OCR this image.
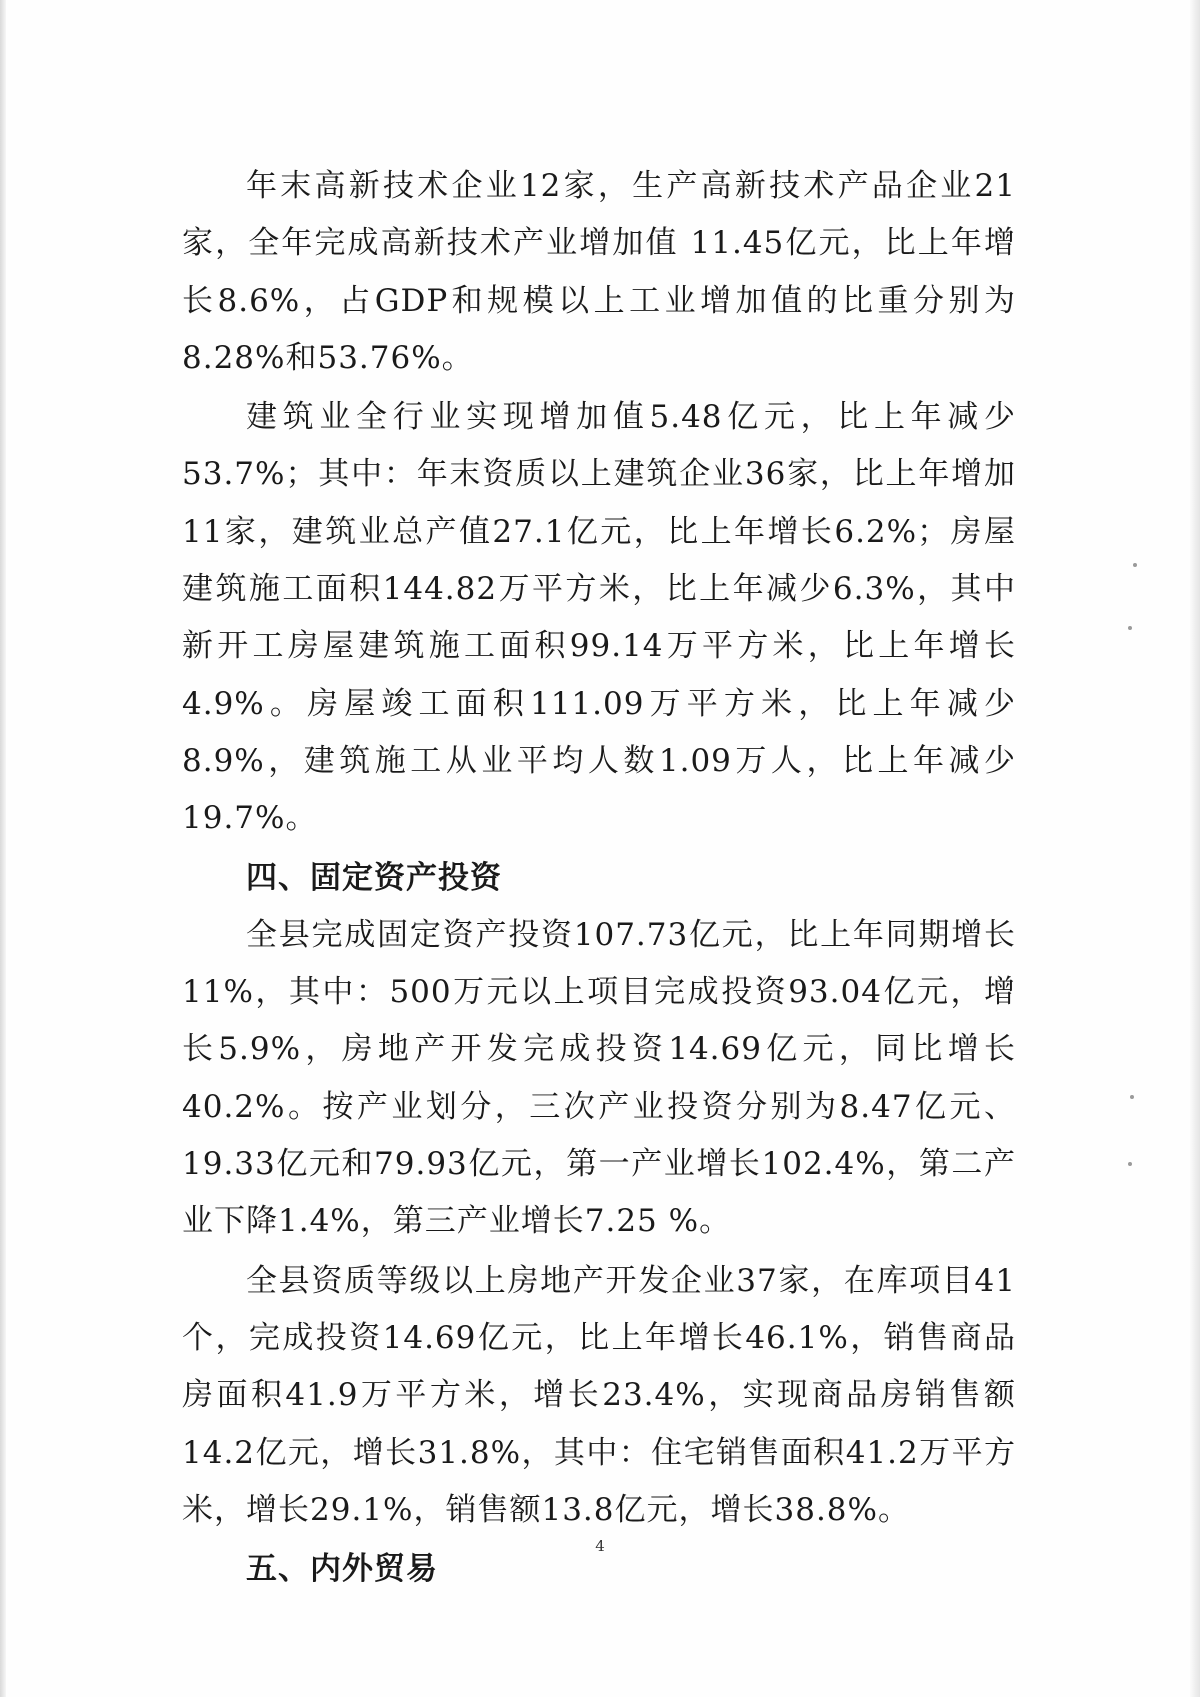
年末高新技术企业12家，生产高新技术产品企业21家，全年完成高新技术产业增加值 11.45亿元，比上年增长8.6%，占GDP和规模以上工业增加值的比重分别为8.28%和53.76%。

建筑业全行业实现增加值5.48亿元，比上年减少53.7%；其中：年末资质以上建筑企业36家，比上年增加11家，建筑业总产值27.1亿元，比上年增长6.2%；房屋建筑施工面积144.82万平方米，比上年减少6.3%，其中新开工房屋建筑施工面积99.14万平方米，比上年增长4.9%。房屋竣工面积111.09万平方米，比上年减少8.9%，建筑施工从业平均人数1.09万人，比上年减少19.7%。

四、固定资产投资

全县完成固定资产投资107.73亿元，比上年同期增长11%，其中：500万元以上项目完成投资93.04亿元，增长5.9%，房地产开发完成投资14.69亿元，同比增长40.2%。按产业划分，三次产业投资分别为8.47亿元、19.33亿元和79.93亿元，第一产业增长102.4%，第二产业下降1.4%，第三产业增长7.25 %。

全县资质等级以上房地产开发企业37家，在库项目41个，完成投资14.69亿元，比上年增长46.1%，销售商品房面积41.9万平方米，增长23.4%，实现商品房销售额14.2亿元，增长31.8%，其中：住宅销售面积41.2万平方米，增长29.1%，销售额13.8亿元，增长38.8%。

五、内外贸易

4
